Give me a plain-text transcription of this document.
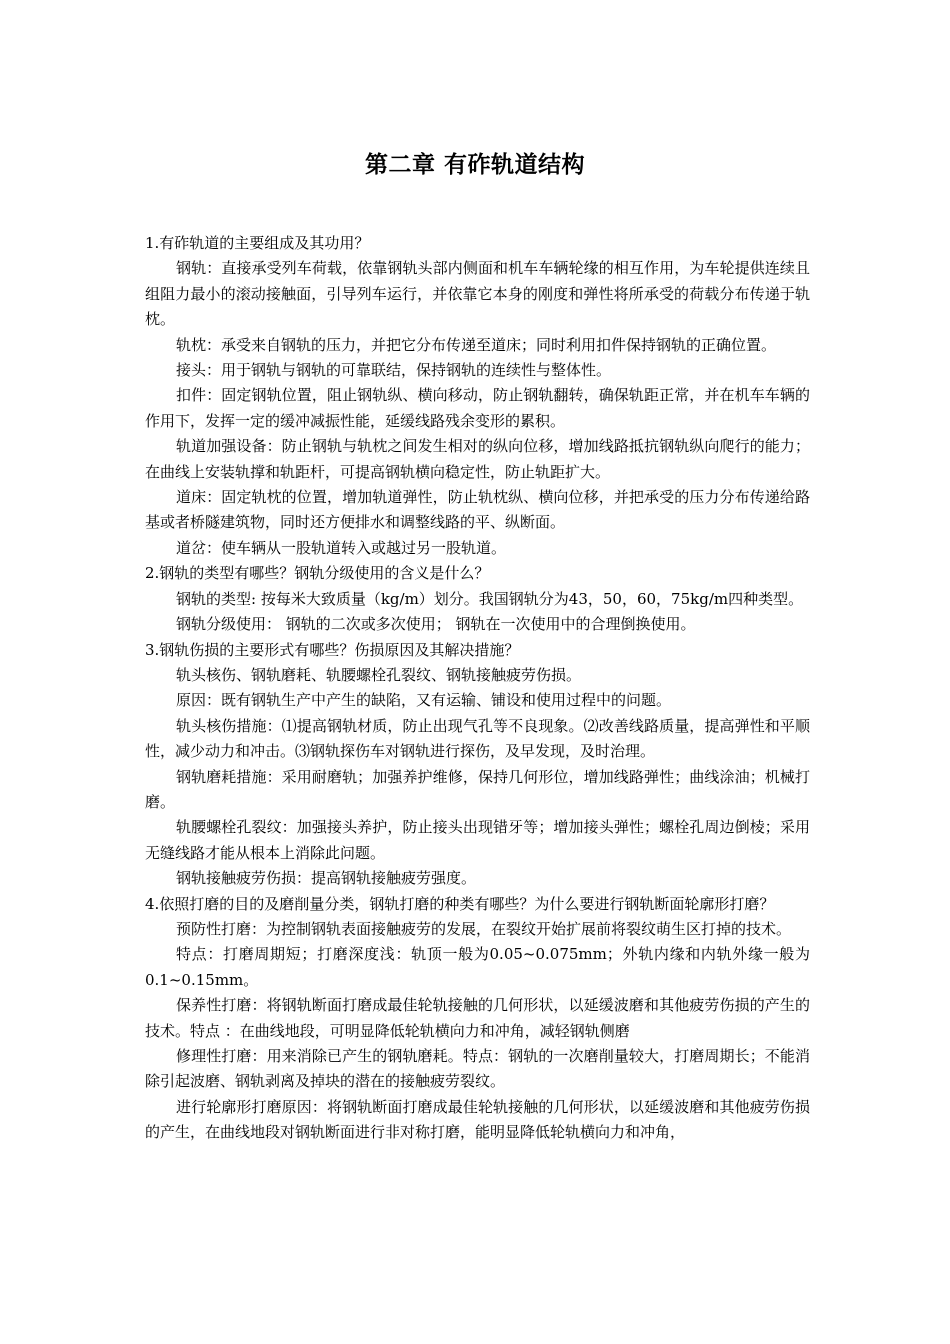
第二章 有砟轨道结构

1.有砟轨道的主要组成及其功用？

钢轨：直接承受列车荷载，依靠钢轨头部内侧面和机车车辆轮缘的相互作用，为车轮提供连续且组阻力最小的滚动接触面，引导列车运行，并依靠它本身的刚度和弹性将所承受的荷载分布传递于轨枕。

轨枕：承受来自钢轨的压力，并把它分布传递至道床；同时利用扣件保持钢轨的正确位置。

接头：用于钢轨与钢轨的可靠联结，保持钢轨的连续性与整体性。

扣件：固定钢轨位置，阻止钢轨纵、横向移动，防止钢轨翻转，确保轨距正常，并在机车车辆的作用下，发挥一定的缓冲减振性能，延缓线路残余变形的累积。

轨道加强设备：防止钢轨与轨枕之间发生相对的纵向位移，增加线路抵抗钢轨纵向爬行的能力；在曲线上安装轨撑和轨距杆，可提高钢轨横向稳定性，防止轨距扩大。

道床：固定轨枕的位置，增加轨道弹性，防止轨枕纵、横向位移，并把承受的压力分布传递给路基或者桥隧建筑物，同时还方便排水和调整线路的平、纵断面。

道岔：使车辆从一股轨道转入或越过另一股轨道。

2.钢轨的类型有哪些？钢轨分级使用的含义是什么？

钢轨的类型: 按每米大致质量（kg/m）划分。我国钢轨分为43，50，60，75kg/m四种类型。

钢轨分级使用： 钢轨的二次或多次使用； 钢轨在一次使用中的合理倒换使用。

3.钢轨伤损的主要形式有哪些？伤损原因及其解决措施？

轨头核伤、钢轨磨耗、轨腰螺栓孔裂纹、钢轨接触疲劳伤损。

原因：既有钢轨生产中产生的缺陷，又有运输、铺设和使用过程中的问题。

轨头核伤措施：⑴提高钢轨材质，防止出现气孔等不良现象。⑵改善线路质量，提高弹性和平顺性，减少动力和冲击。⑶钢轨探伤车对钢轨进行探伤，及早发现，及时治理。

钢轨磨耗措施：采用耐磨轨；加强养护维修，保持几何形位，增加线路弹性；曲线涂油；机械打磨。

轨腰螺栓孔裂纹：加强接头养护，防止接头出现错牙等；增加接头弹性；螺栓孔周边倒棱；采用无缝线路才能从根本上消除此问题。

钢轨接触疲劳伤损：提高钢轨接触疲劳强度。

4.依照打磨的目的及磨削量分类，钢轨打磨的种类有哪些？为什么要进行钢轨断面轮廓形打磨？

预防性打磨：为控制钢轨表面接触疲劳的发展，在裂纹开始扩展前将裂纹萌生区打掉的技术。

特点：打磨周期短；打磨深度浅：轨顶一般为0.05~0.075mm；外轨内缘和内轨外缘一般为0.1~0.15mm。

保养性打磨：将钢轨断面打磨成最佳轮轨接触的几何形状，以延缓波磨和其他疲劳伤损的产生的技术。特点 ：在曲线地段，可明显降低轮轨横向力和冲角，减轻钢轨侧磨

修理性打磨：用来消除已产生的钢轨磨耗。特点：钢轨的一次磨削量较大，打磨周期长；不能消除引起波磨、钢轨剥离及掉块的潜在的接触疲劳裂纹。

进行轮廓形打磨原因：将钢轨断面打磨成最佳轮轨接触的几何形状，以延缓波磨和其他疲劳伤损的产生，在曲线地段对钢轨断面进行非对称打磨，能明显降低轮轨横向力和冲角，
